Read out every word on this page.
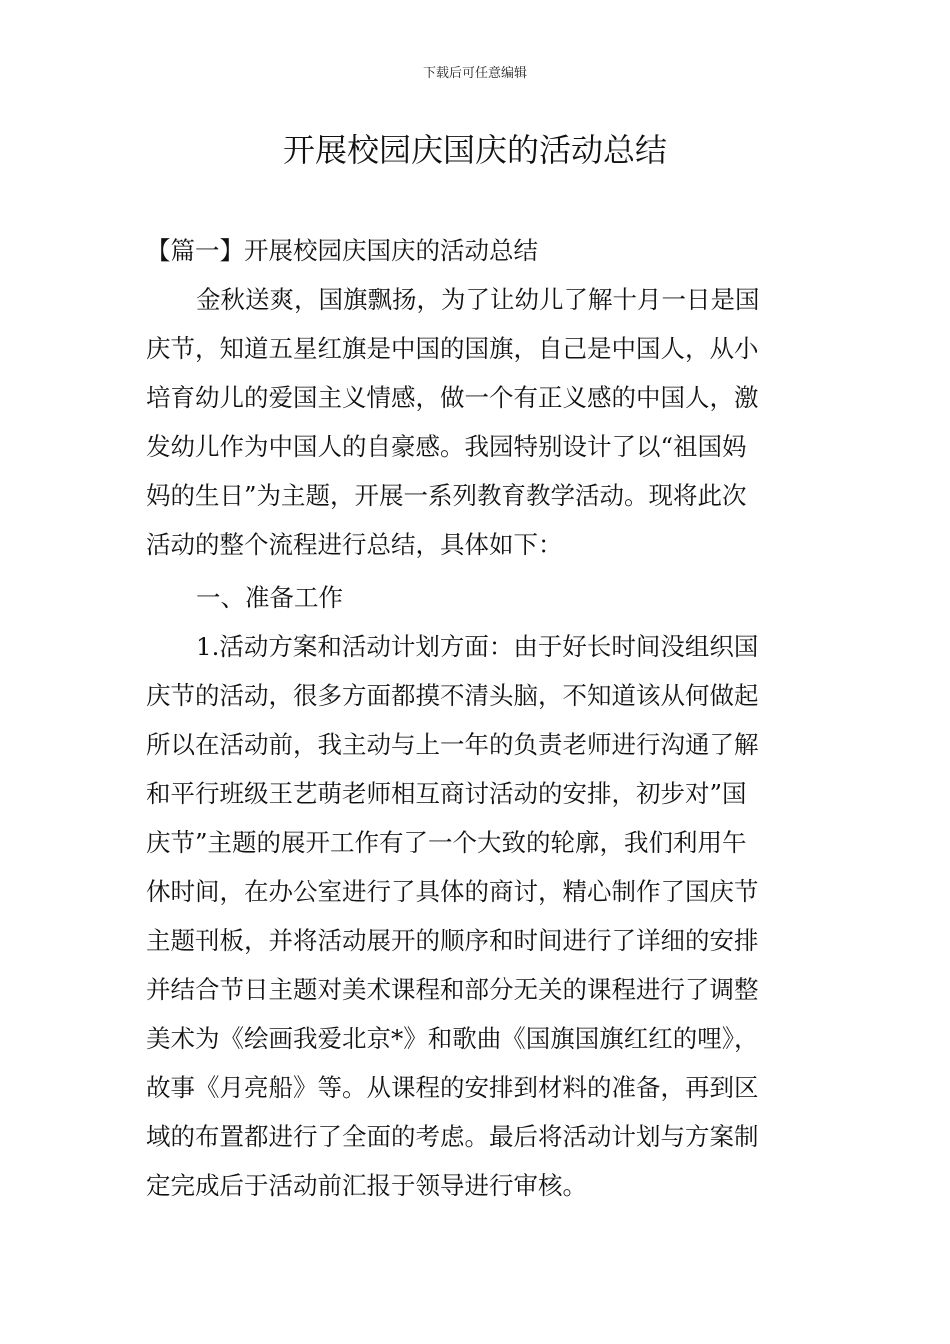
下载后可任意编辑
开展校园庆国庆的活动总结
【篇一】开展校园庆国庆的活动总结
金秋送爽，国旗飘扬，为了让幼儿了解十月一日是国
庆节，知道五星红旗是中国的国旗，自己是中国人，从小
培育幼儿的爱国主义情感，做一个有正义感的中国人，激
发幼儿作为中国人的自豪感。我园特别设计了以“祖国妈
妈的生日”为主题，开展一系列教育教学活动。现将此次
活动的整个流程进行总结，具体如下：
一、准备工作
1.活动方案和活动计划方面：由于好长时间没组织国
庆节的活动，很多方面都摸不清头脑，不知道该从何做起
所以在活动前，我主动与上一年的负责老师进行沟通了解
和平行班级王艺萌老师相互商讨活动的安排，初步对”国
庆节”主题的展开工作有了一个大致的轮廓，我们利用午
休时间，在办公室进行了具体的商讨，精心制作了国庆节
主题刊板，并将活动展开的顺序和时间进行了详细的安排
并结合节日主题对美术课程和部分无关的课程进行了调整
美术为《绘画我爱北京*》和歌曲《国旗国旗红红的哩》，
故事《月亮船》等。从课程的安排到材料的准备，再到区
域的布置都进行了全面的考虑。最后将活动计划与方案制
定完成后于活动前汇报于领导进行审核。
